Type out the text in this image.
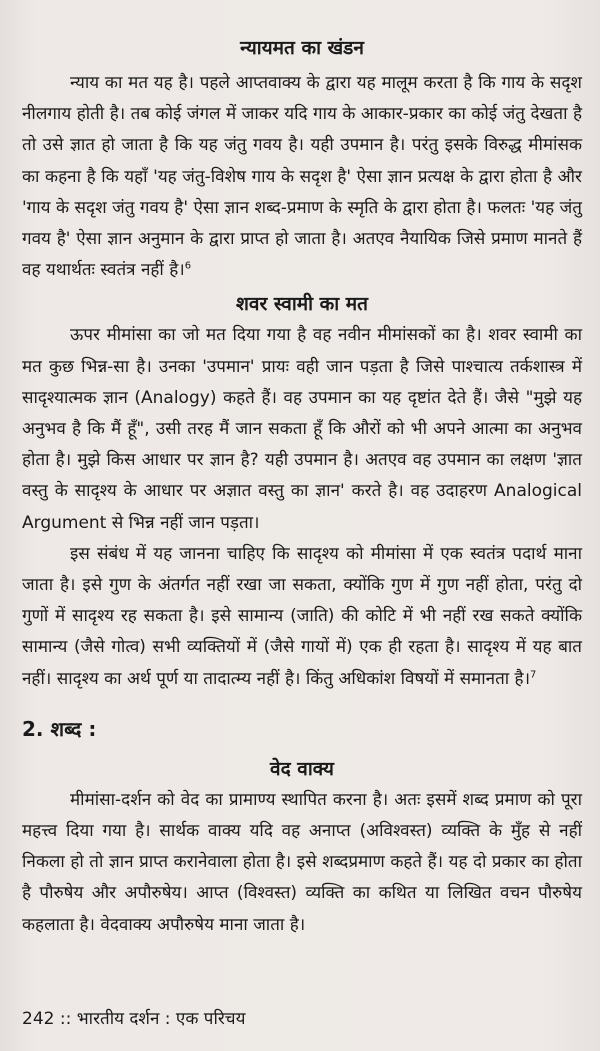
न्यायमत का खंडन

न्याय का मत यह है। पहले आप्तवाक्य के द्वारा यह मालूम करता है कि गाय के सदृश नीलगाय होती है। तब कोई जंगल में जाकर यदि गाय के आकार-प्रकार का कोई जंतु देखता है तो उसे ज्ञात हो जाता है कि यह जंतु गवय है। यही उपमान है। परंतु इसके विरुद्ध मीमांसक का कहना है कि यहाँ 'यह जंतु-विशेष गाय के सदृश है' ऐसा ज्ञान प्रत्यक्ष के द्वारा होता है और 'गाय के सदृश जंतु गवय है' ऐसा ज्ञान शब्द-प्रमाण के स्मृति के द्वारा होता है। फलतः 'यह जंतु गवय है' ऐसा ज्ञान अनुमान के द्वारा प्राप्त हो जाता है। अतएव नैयायिक जिसे प्रमाण मानते हैं वह यथार्थतः स्वतंत्र नहीं है।$^6$

शवर स्वामी का मत

ऊपर मीमांसा का जो मत दिया गया है वह नवीन मीमांसकों का है। शवर स्वामी का मत कुछ भिन्न-सा है। उनका 'उपमान' प्रायः वही जान पड़ता है जिसे पाश्चात्य तर्कशास्त्र में सादृश्यात्मक ज्ञान (Analogy) कहते हैं। वह उपमान का यह दृष्टांत देते हैं। जैसे "मुझे यह अनुभव है कि मैं हूँ", उसी तरह मैं जान सकता हूँ कि औरों को भी अपने आत्मा का अनुभव होता है। मुझे किस आधार पर ज्ञान है? यही उपमान है। अतएव वह उपमान का लक्षण 'ज्ञात वस्तु के सादृश्य के आधार पर अज्ञात वस्तु का ज्ञान' करते है। वह उदाहरण Analogical Argument से भिन्न नहीं जान पड़ता।

इस संबंध में यह जानना चाहिए कि सादृश्य को मीमांसा में एक स्वतंत्र पदार्थ माना जाता है। इसे गुण के अंतर्गत नहीं रखा जा सकता, क्योंकि गुण में गुण नहीं होता, परंतु दो गुणों में सादृश्य रह सकता है। इसे सामान्य (जाति) की कोटि में भी नहीं रख सकते क्योंकि सामान्य (जैसे गोत्व) सभी व्यक्तियों में (जैसे गायों में) एक ही रहता है। सादृश्य में यह बात नहीं। सादृश्य का अर्थ पूर्ण या तादात्म्य नहीं है। किंतु अधिकांश विषयों में समानता है।$^7$

2. शब्द :
वेद वाक्य

मीमांसा-दर्शन को वेद का प्रामाण्य स्थापित करना है। अतः इसमें शब्द प्रमाण को पूरा महत्त्व दिया गया है। सार्थक वाक्य यदि वह अनाप्त (अविश्वस्त) व्यक्ति के मुँह से नहीं निकला हो तो ज्ञान प्राप्त करानेवाला होता है। इसे शब्दप्रमाण कहते हैं। यह दो प्रकार का होता है पौरुषेय और अपौरुषेय। आप्त (विश्वस्त) व्यक्ति का कथित या लिखित वचन पौरुषेय कहलाता है। वेदवाक्य अपौरुषेय माना जाता है।

242 :: भारतीय दर्शन : एक परिचय
